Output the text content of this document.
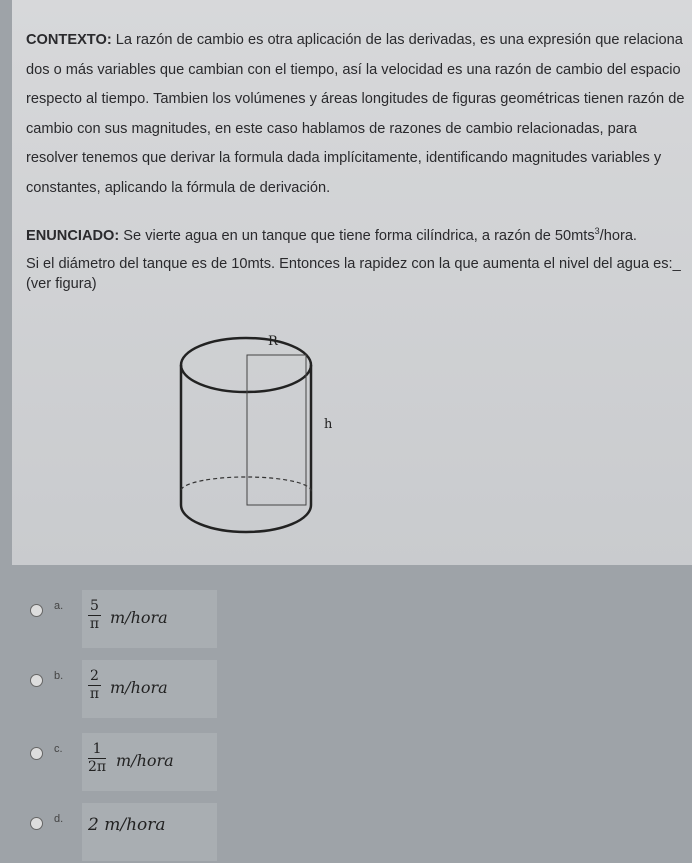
CONTEXTO: La razón de cambio es otra aplicación de las derivadas, es una expresión que relaciona dos o más variables que cambian con el tiempo, así la velocidad es una razón de cambio del espacio respecto al tiempo. Tambien los volúmenes y áreas longitudes de figuras geométricas tienen razón de cambio con sus magnitudes, en este caso hablamos de razones de cambio relacionadas, para resolver tenemos que derivar la formula dada implícitamente, identificando magnitudes variables y constantes, aplicando la fórmula de derivación.
ENUNCIADO: Se vierte agua en un tanque que tiene forma cilíndrica, a razón de 50mts$^3$/hora.
Si el diámetro del tanque es de 10mts. Entonces la rapidez con la que aumenta el nivel del agua es:_ (ver figura)
R
h
a. $\frac{5}{\pi}$ m/hora
b. $\frac{2}{\pi}$ m/hora
c. $\frac{1}{2\pi}$ m/hora
d. 2 m/hora
